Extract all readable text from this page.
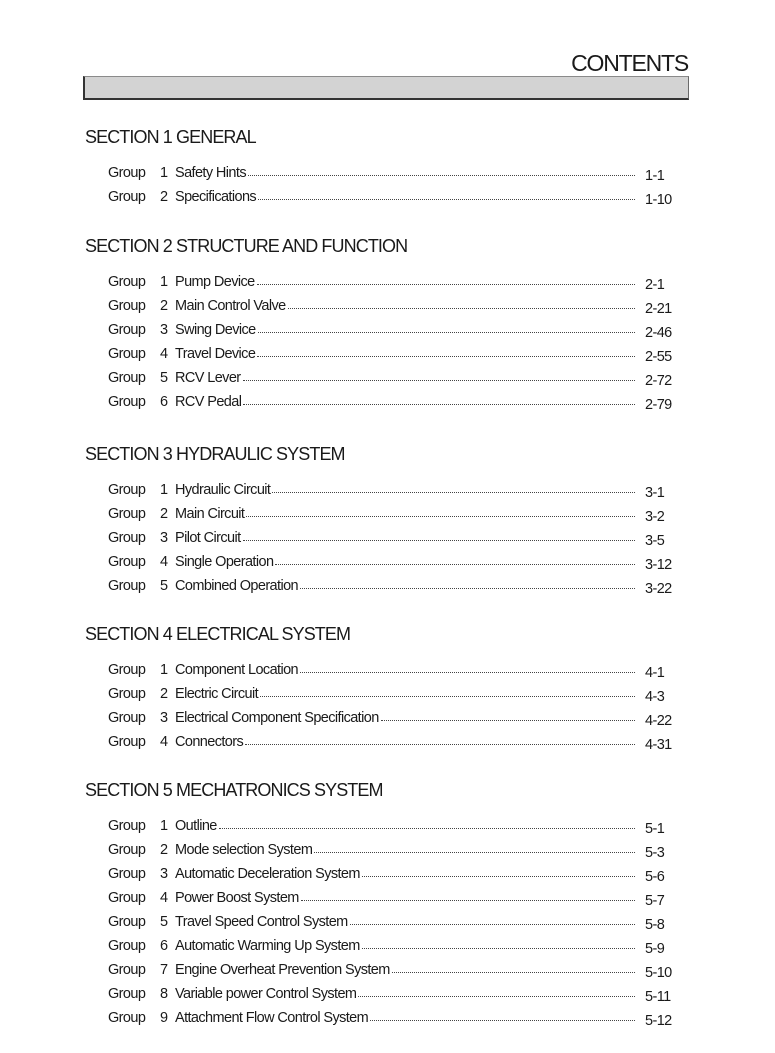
CONTENTS
SECTION 1 GENERAL
Group	1 Safety Hints	1-1
Group	2 Specifications	1-10
SECTION 2 STRUCTURE AND FUNCTION
Group	1 Pump Device	2-1
Group	2 Main Control Valve	2-21
Group	3 Swing Device	2-46
Group	4 Travel Device	2-55
Group	5 RCV Lever	2-72
Group	6 RCV Pedal	2-79
SECTION 3 HYDRAULIC SYSTEM
Group	1 Hydraulic Circuit	3-1
Group	2 Main Circuit	3-2
Group	3 Pilot Circuit	3-5
Group	4 Single Operation	3-12
Group	5 Combined Operation	3-22
SECTION 4 ELECTRICAL SYSTEM
Group	1 Component Location	4-1
Group	2 Electric Circuit	4-3
Group	3 Electrical Component Specification	4-22
Group	4 Connectors	4-31
SECTION 5 MECHATRONICS SYSTEM
Group	1 Outline	5-1
Group	2 Mode selection System	5-3
Group	3 Automatic Deceleration System	5-6
Group	4 Power Boost System	5-7
Group	5 Travel Speed Control System	5-8
Group	6 Automatic Warming Up System	5-9
Group	7 Engine Overheat Prevention System	5-10
Group	8 Variable power Control System	5-11
Group	9 Attachment Flow Control System	5-12
